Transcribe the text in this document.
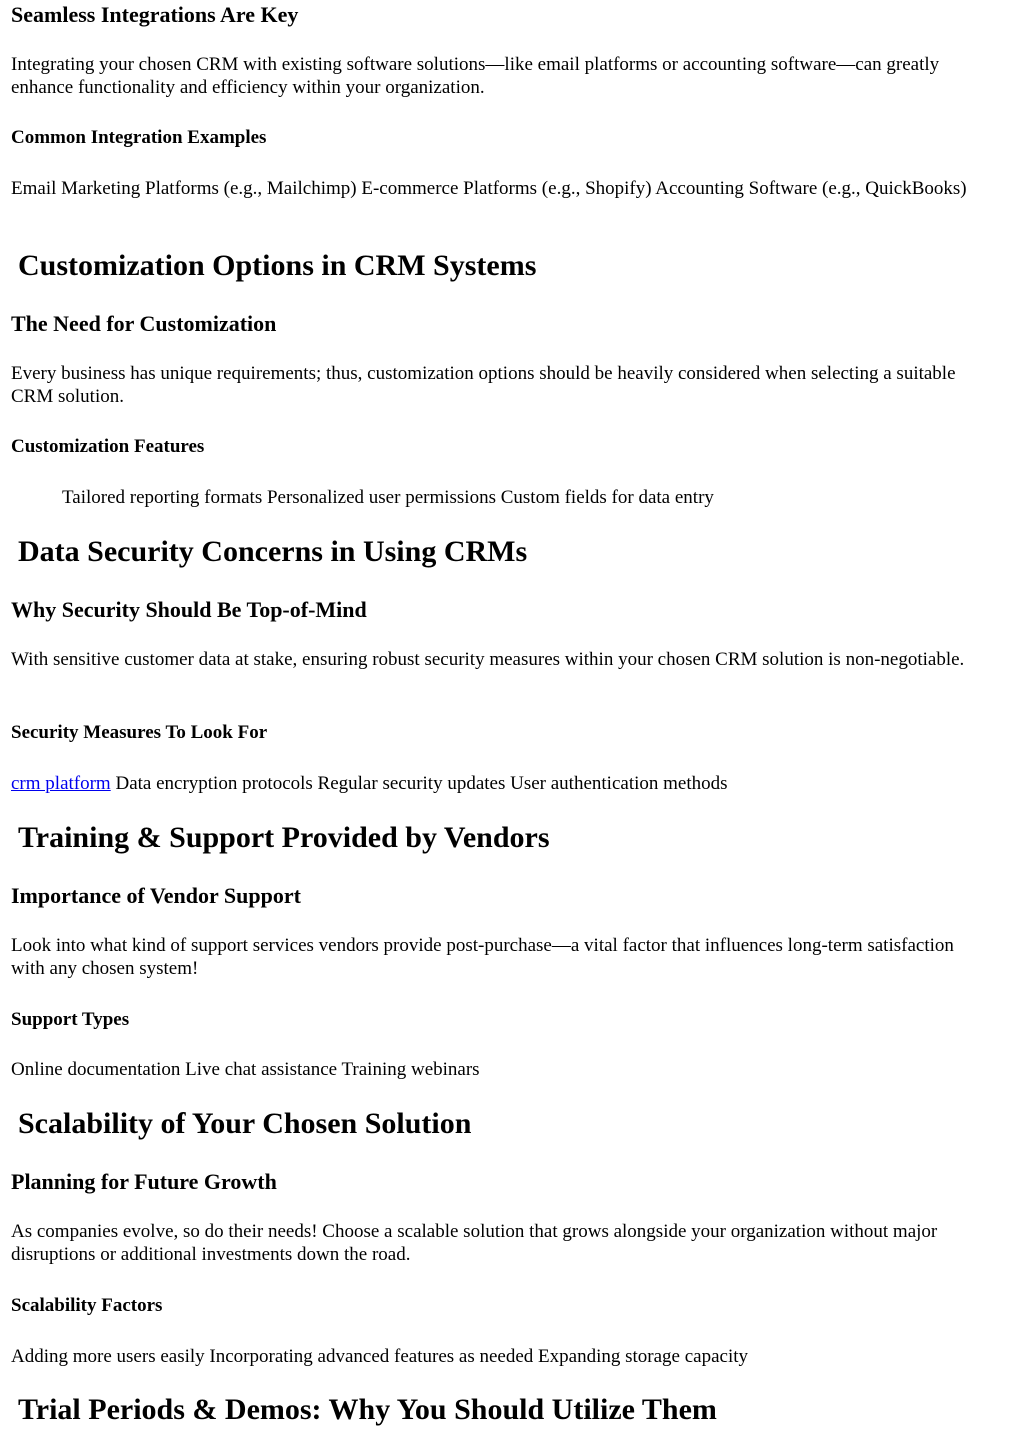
Seamless Integrations Are Key

Integrating your chosen CRM with existing software solutions—like email platforms or accounting software—can greatly enhance functionality and efficiency within your organization.

Common Integration Examples

Email Marketing Platforms (e.g., Mailchimp) E-commerce Platforms (e.g., Shopify) Accounting Software (e.g., QuickBooks)

Customization Options in CRM Systems
The Need for Customization

Every business has unique requirements; thus, customization options should be heavily considered when selecting a suitable CRM solution.

Customization Features

Tailored reporting formats Personalized user permissions Custom fields for data entry

Data Security Concerns in Using CRMs
Why Security Should Be Top-of-Mind

With sensitive customer data at stake, ensuring robust security measures within your chosen CRM solution is non-negotiable.

Security Measures To Look For

crm platform Data encryption protocols Regular security updates User authentication methods

Training & Support Provided by Vendors
Importance of Vendor Support

Look into what kind of support services vendors provide post-purchase—a vital factor that influences long-term satisfaction with any chosen system!

Support Types

Online documentation Live chat assistance Training webinars

Scalability of Your Chosen Solution
Planning for Future Growth

As companies evolve, so do their needs! Choose a scalable solution that grows alongside your organization without major disruptions or additional investments down the road.

Scalability Factors

Adding more users easily Incorporating advanced features as needed Expanding storage capacity

Trial Periods & Demos: Why You Should Utilize Them
